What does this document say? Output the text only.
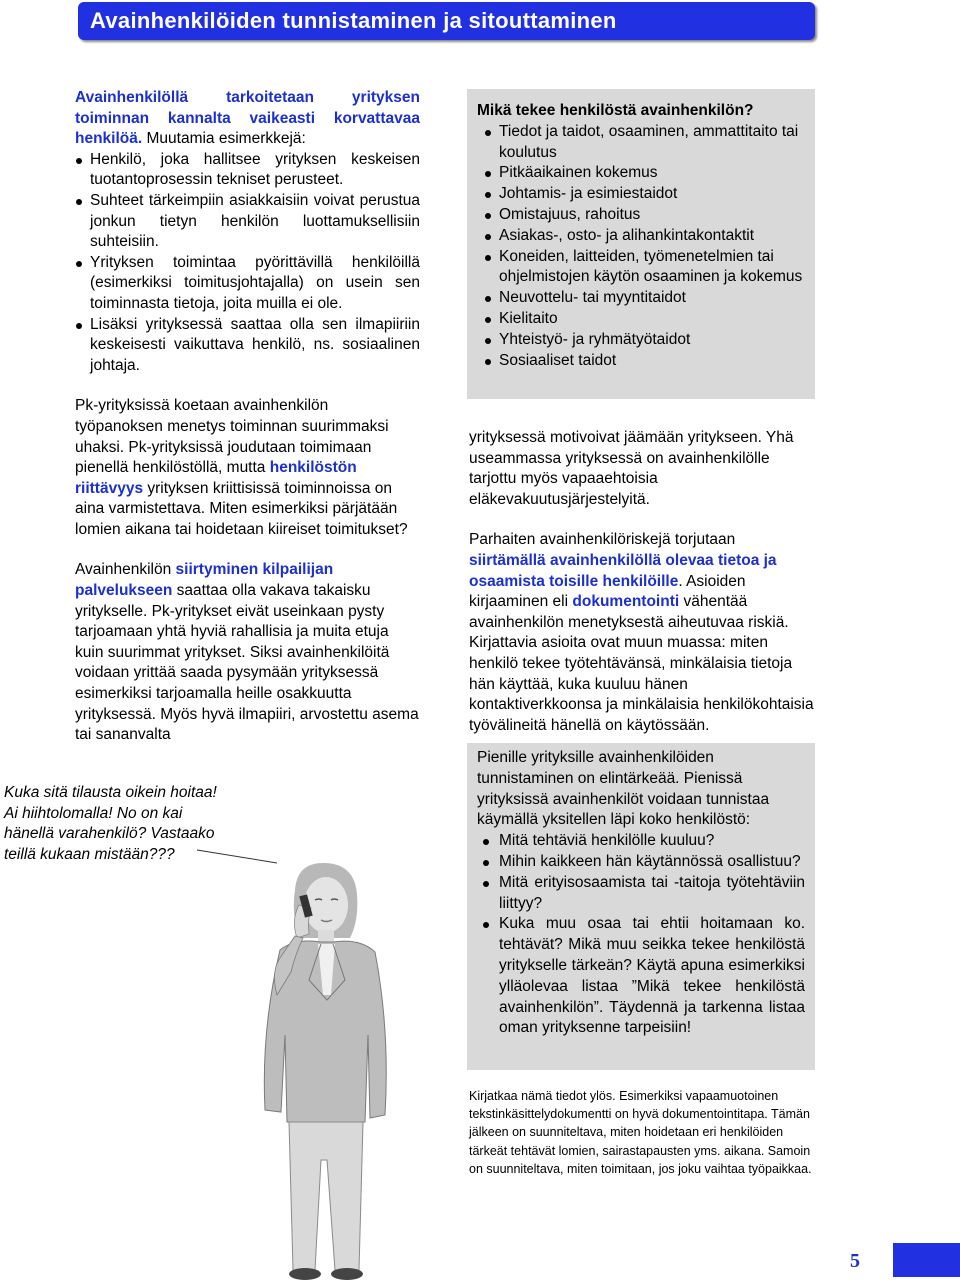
Avainhenkilöiden tunnistaminen ja sitouttaminen

Avainhenkilöllä tarkoitetaan yrityksen toiminnan kannalta vaikeasti korvattavaa henkilöä. Muutamia esimerkkejä:

Henkilö, joka hallitsee yrityksen keskeisen tuotantoprosessin tekniset perusteet.
Suhteet tärkeimpiin asiakkaisiin voivat perustua jonkun tietyn henkilön luottamuksellisiin suhteisiin.
Yrityksen toimintaa pyörittävillä henkilöillä (esimerkiksi toimitusjohtajalla) on usein sen toiminnasta tietoja, joita muilla ei ole.
Lisäksi yrityksessä saattaa olla sen ilmapiiriin keskeisesti vaikuttava henkilö, ns. sosiaalinen johtaja.

Pk-yrityksissä koetaan avainhenkilön työpanoksen menetys toiminnan suurimmaksi uhaksi. Pk-yrityksissä joudutaan toimimaan pienellä henkilöstöllä, mutta henkilöstön riittävyys yrityksen kriittisissä toiminnoissa on aina varmistettava. Miten esimerkiksi pärjätään lomien aikana tai hoidetaan kiireiset toimitukset?

Avainhenkilön siirtyminen kilpailijan palvelukseen saattaa olla vakava takaisku yritykselle. Pk-yritykset eivät useinkaan pysty tarjoamaan yhtä hyviä rahallisia ja muita etuja kuin suurimmat yritykset. Siksi avainhenkilöitä voidaan yrittää saada pysymään yrityksessä esimerkiksi tarjoamalla heille osakkuutta yrityksessä. Myös hyvä ilmapiiri, arvostettu asema tai sananvalta

Kuka sitä tilausta oikein hoitaa! Ai hiihtolomalla! No on kai hänellä varahenkilö? Vastaako teillä kukaan mistään???
Mikä tekee henkilöstä avainhenkilön?
Tiedot ja taidot, osaaminen, ammattitaito tai koulutus
Pitkäaikainen kokemus
Johtamis- ja esimiestaidot
Omistajuus, rahoitus
Asiakas-, osto- ja alihankintakontaktit
Koneiden, laitteiden, työmenetelmien tai ohjelmistojen käytön osaaminen ja kokemus
Neuvottelu- tai myyntitaidot
Kielitaito
Yhteistyö- ja ryhmätyötaidot
Sosiaaliset taidot

yrityksessä motivoivat jäämään yritykseen. Yhä useammassa yrityksessä on avainhenkilölle tarjottu myös vapaaehtoisia eläkevakuutusjärjestelyitä.

Parhaiten avainhenkilöriskejä torjutaan siirtämällä avainhenkilöllä olevaa tietoa ja osaamista toisille henkilöille. Asioiden kirjaaminen eli dokumentointi vähentää avainhenkilön menetyksestä aiheutuvaa riskiä. Kirjattavia asioita ovat muun muassa: miten henkilö tekee työtehtävänsä, minkälaisia tietoja hän käyttää, kuka kuuluu hänen kontaktiverkkoonsa ja minkälaisia henkilökohtaisia työvälineitä hänellä on käytössään.

Pienille yrityksille avainhenkilöiden tunnistaminen on elintärkeää. Pienissä yrityksissä avainhenkilöt voidaan tunnistaa käymällä yksitellen läpi koko henkilöstö:

Mitä tehtäviä henkilölle kuuluu?
Mihin kaikkeen hän käytännössä osallistuu?
Mitä erityisosaamista tai -taitoja työtehtäviin liittyy?
Kuka muu osaa tai ehtii hoitamaan ko. tehtävät? Mikä muu seikka tekee henkilöstä yritykselle tärkeän? Käytä apuna esimerkiksi ylläolevaa listaa ”Mikä tekee henkilöstä avainhenkilön”. Täydennä ja tarkenna listaa oman yrityksenne tarpeisiin!
Kirjatkaa nämä tiedot ylös. Esimerkiksi vapaamuotoinen tekstinkäsittelydokumentti on hyvä dokumentointitapa. Tämän jälkeen on suunniteltava, miten hoidetaan eri henkilöiden tärkeät tehtävät lomien, sairastapausten yms. aikana. Samoin on suunniteltava, miten toimitaan, jos joku vaihtaa työpaikkaa.
5
